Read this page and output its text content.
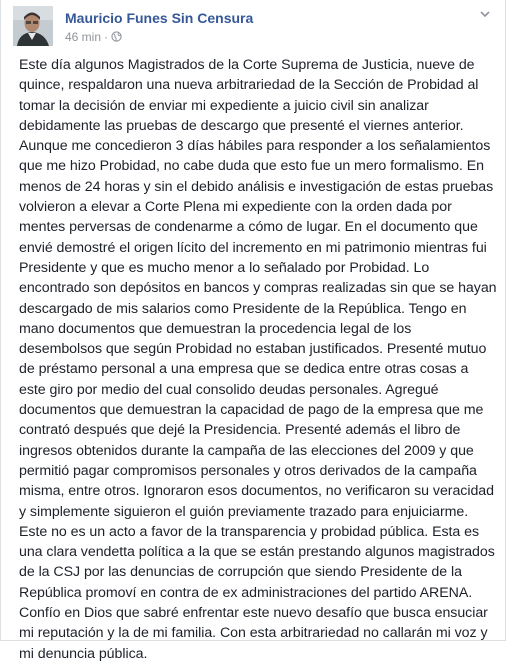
Mauricio Funes Sin Censura
46 min ·

Este día algunos Magistrados de la Corte Suprema de Justicia, nueve de quince, respaldaron una nueva arbitrariedad de la Sección de Probidad al tomar la decisión de enviar mi expediente a juicio civil sin analizar debidamente las pruebas de descargo que presenté el viernes anterior. Aunque me concedieron 3 días hábiles para responder a los señalamientos que me hizo Probidad, no cabe duda que esto fue un mero formalismo. En menos de 24 horas y sin el debido análisis e investigación de estas pruebas volvieron a elevar a Corte Plena mi expediente con la orden dada por mentes perversas de condenarme a cómo de lugar. En el documento que envié demostré el origen lícito del incremento en mi patrimonio mientras fui Presidente y que es mucho menor a lo señalado por Probidad. Lo encontrado son depósitos en bancos y compras realizadas sin que se hayan descargado de mis salarios como Presidente de la República. Tengo en mano documentos que demuestran la procedencia legal de los desembolsos que según Probidad no estaban justificados. Presenté mutuo de préstamo personal a una empresa que se dedica entre otras cosas a este giro por medio del cual consolido deudas personales. Agregué documentos que demuestran la capacidad de pago de la empresa que me contrató después que dejé la Presidencia. Presenté además el libro de ingresos obtenidos durante la campaña de las elecciones del 2009 y que permitió pagar compromisos personales y otros derivados de la campaña misma, entre otros. Ignoraron esos documentos, no verificaron su veracidad y simplemente siguieron el guión previamente trazado para enjuiciarme. Este no es un acto a favor de la transparencia y probidad pública. Esta es una clara vendetta política a la que se están prestando algunos magistrados de la CSJ por las denuncias de corrupción que siendo Presidente de la República promoví en contra de ex administraciones del partido ARENA. Confío en Dios que sabré enfrentar este nuevo desafío que busca ensuciar mi reputación y la de mi familia. Con esta arbitrariedad no callarán mi voz y mi denuncia pública.
